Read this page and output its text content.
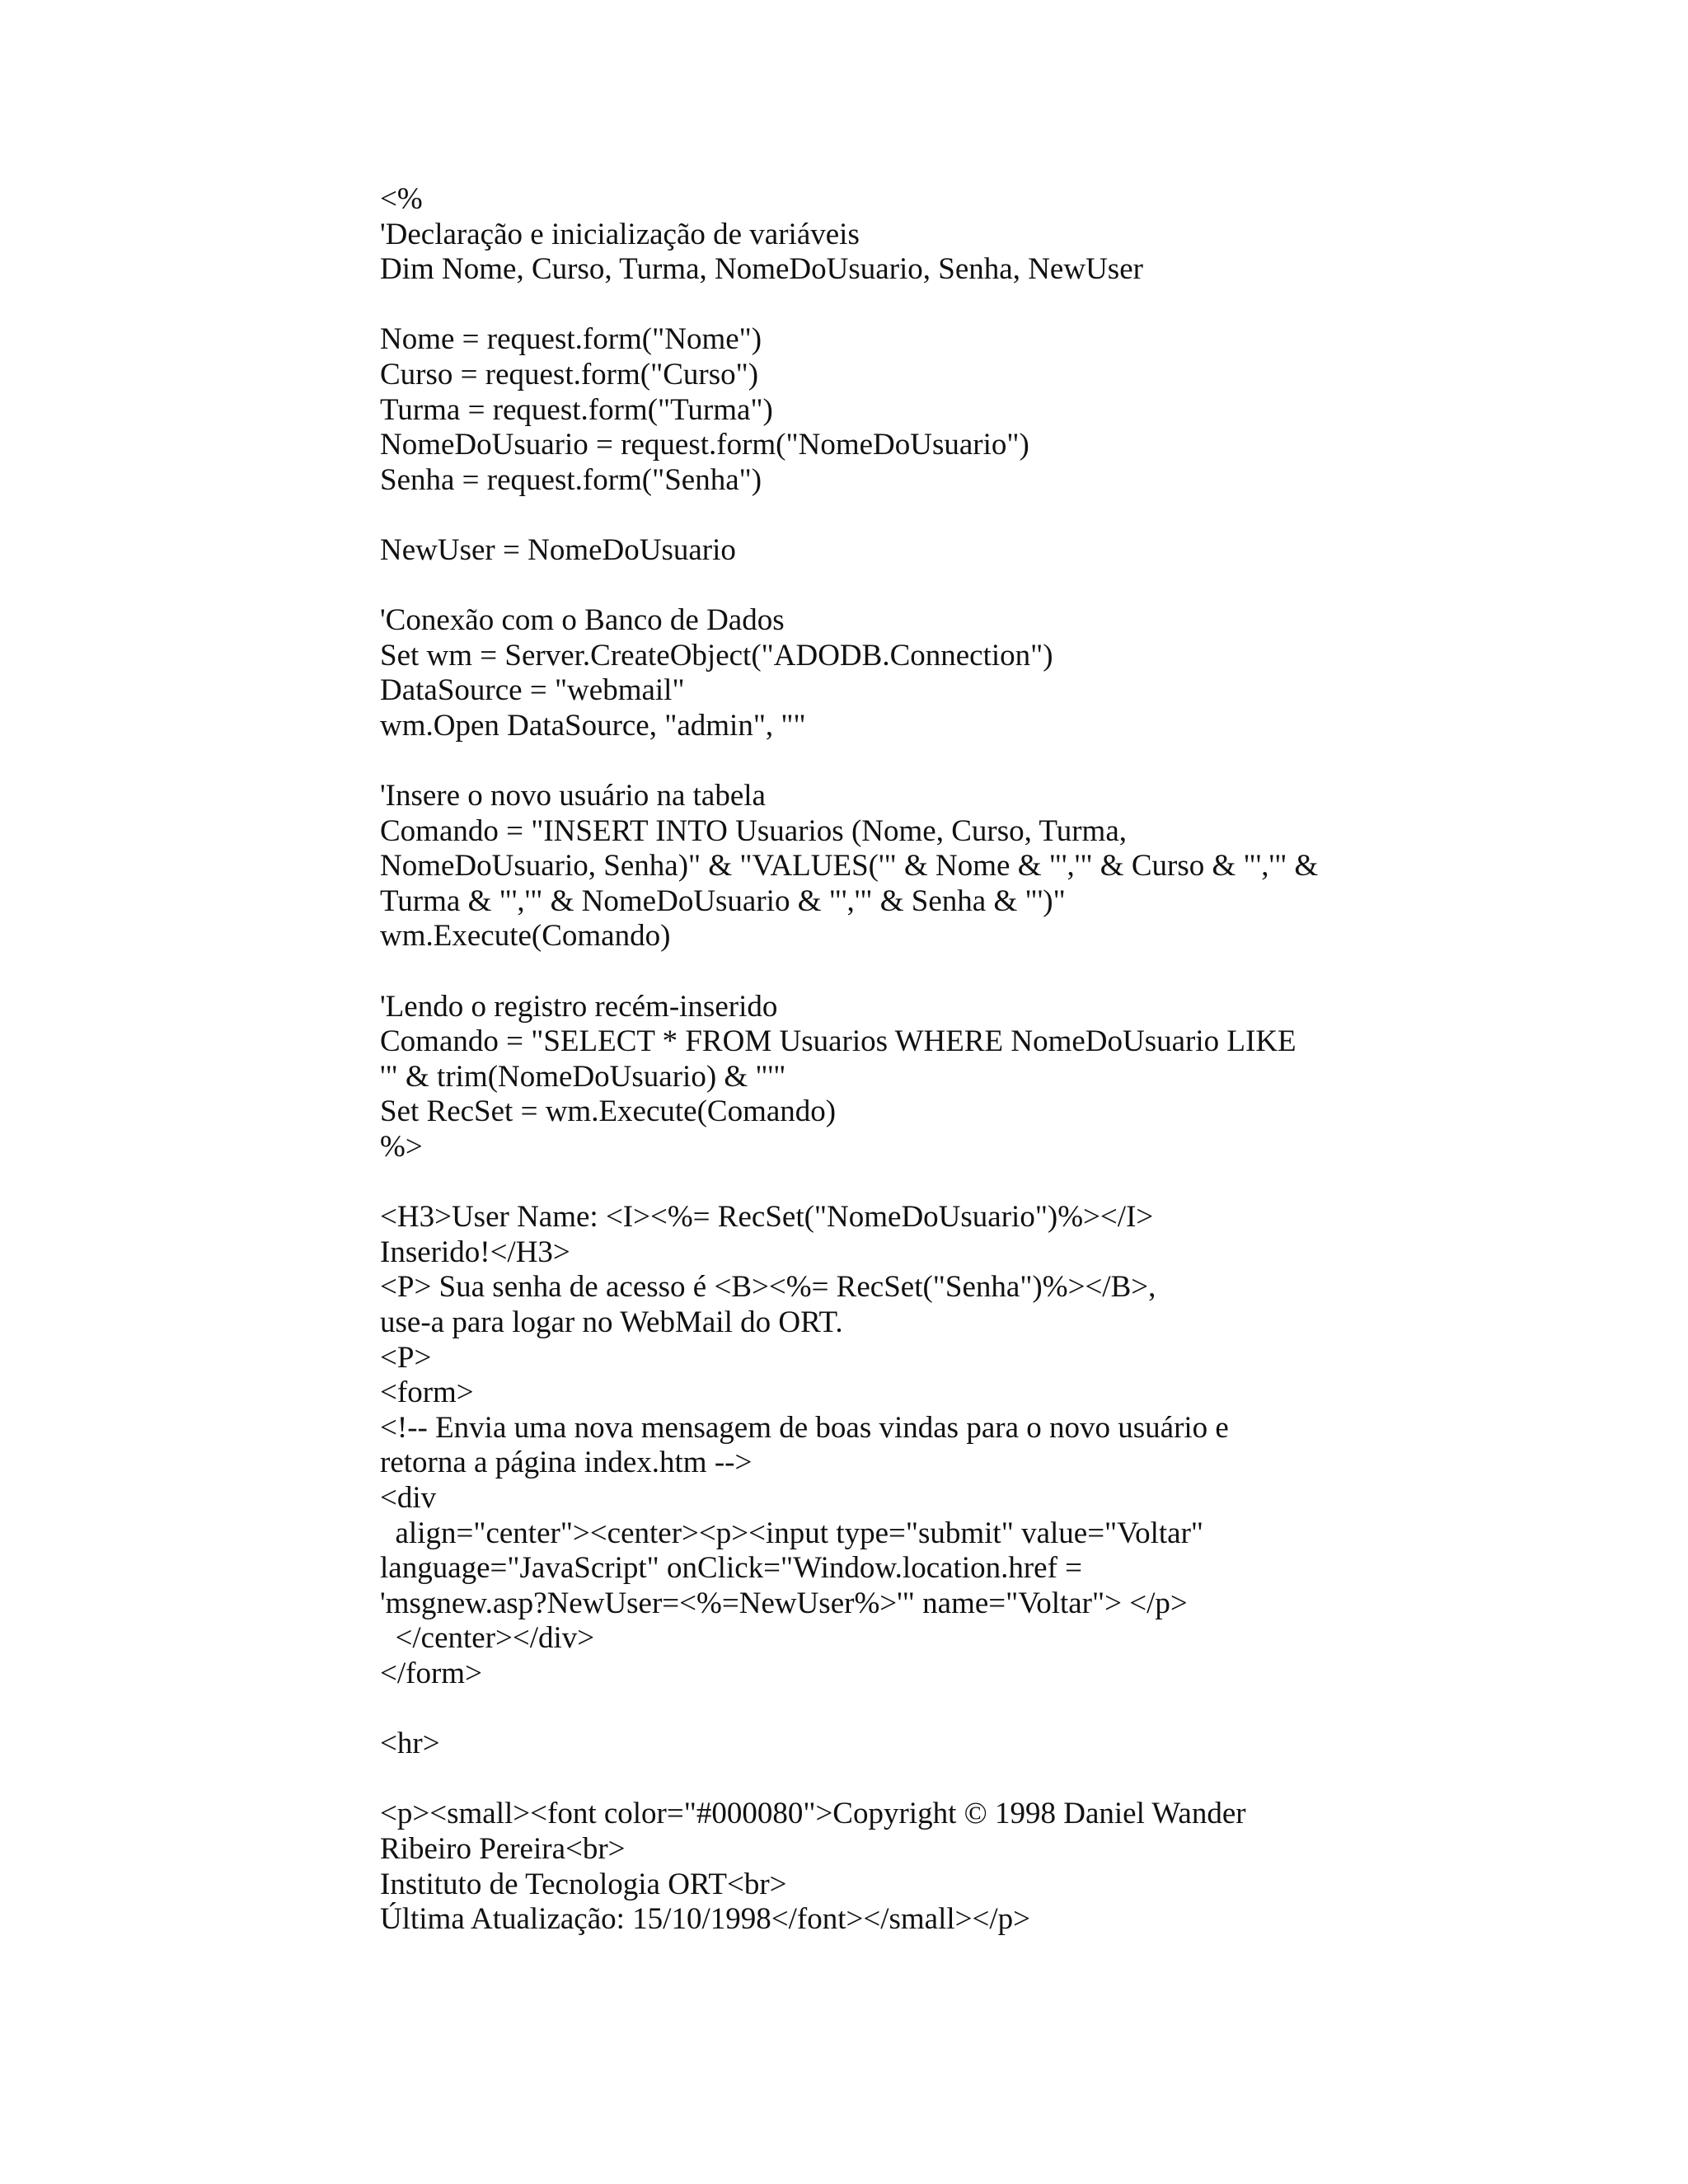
<%
'Declaração e inicialização de variáveis
Dim Nome, Curso, Turma, NomeDoUsuario, Senha, NewUser
Nome = request.form("Nome")
Curso = request.form("Curso")
Turma = request.form("Turma")
NomeDoUsuario = request.form("NomeDoUsuario")
Senha = request.form("Senha")
NewUser = NomeDoUsuario
'Conexão com o Banco de Dados
Set wm = Server.CreateObject("ADODB.Connection")
DataSource = "webmail"
wm.Open DataSource, "admin", ""
'Insere o novo usuário na tabela
Comando = "INSERT INTO Usuarios (Nome, Curso, Turma,
NomeDoUsuario, Senha)" & "VALUES('" & Nome & "','" & Curso & "','" &
Turma & "','" & NomeDoUsuario & "','" & Senha & "')"
wm.Execute(Comando)
'Lendo o registro recém-inserido
Comando = "SELECT * FROM Usuarios WHERE NomeDoUsuario LIKE
'" & trim(NomeDoUsuario) & "'"
Set RecSet = wm.Execute(Comando)
%>
<H3>User Name: <I><%= RecSet("NomeDoUsuario")%></I>
Inserido!</H3>
<P> Sua senha de acesso é <B><%= RecSet("Senha")%></B>,
use-a para logar no WebMail do ORT.
<P>
<form>
<!-- Envia uma nova mensagem de boas vindas para o novo usuário e
retorna a página index.htm -->
<div
align="center"><center><p><input type="submit" value="Voltar"
language="JavaScript" onClick="Window.location.href =
'msgnew.asp?NewUser=<%=NewUser%>'" name="Voltar"> </p>
</center></div>
</form>
<hr>
<p><small><font color="#000080">Copyright © 1998 Daniel Wander
Ribeiro Pereira<br>
Instituto de Tecnologia ORT<br>
Última Atualização: 15/10/1998</font></small></p>
